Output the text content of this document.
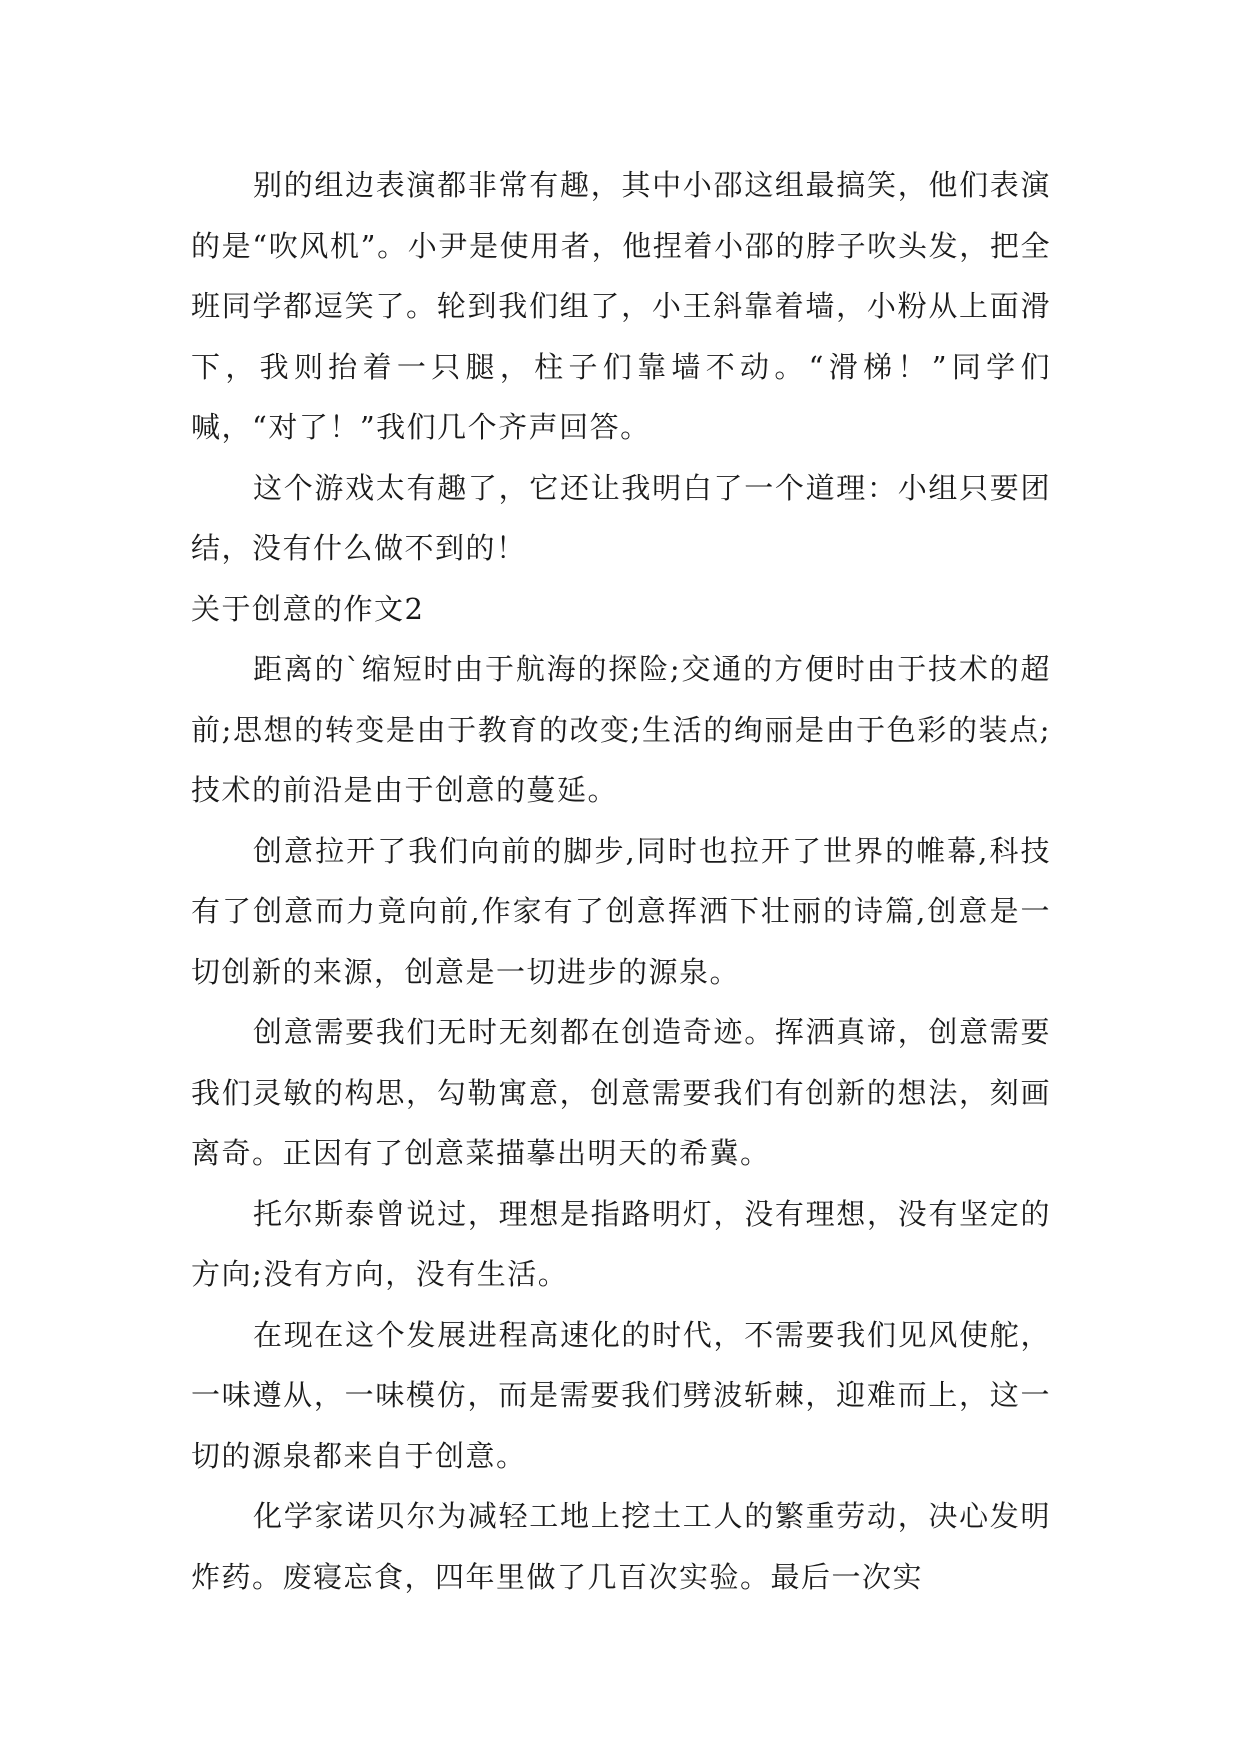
别的组边表演都非常有趣，其中小邵这组最搞笑，他们表演的是“吹风机”。小尹是使用者，他捏着小邵的脖子吹头发，把全班同学都逗笑了。轮到我们组了，小王斜靠着墙，小粉从上面滑下，我则抬着一只腿，柱子们靠墙不动。“滑梯！”同学们喊，“对了！”我们几个齐声回答。

这个游戏太有趣了，它还让我明白了一个道理：小组只要团结，没有什么做不到的！

关于创意的作文2

距离的`缩短时由于航海的探险;交通的方便时由于技术的超前;思想的转变是由于教育的改变;生活的绚丽是由于色彩的装点;技术的前沿是由于创意的蔓延。

创意拉开了我们向前的脚步,同时也拉开了世界的帷幕,科技有了创意而力竟向前,作家有了创意挥洒下壮丽的诗篇,创意是一切创新的来源，创意是一切进步的源泉。

创意需要我们无时无刻都在创造奇迹。挥洒真谛，创意需要我们灵敏的构思，勾勒寓意，创意需要我们有创新的想法，刻画离奇。正因有了创意菜描摹出明天的希冀。

托尔斯泰曾说过，理想是指路明灯，没有理想，没有坚定的方向;没有方向，没有生活。

在现在这个发展进程高速化的时代，不需要我们见风使舵，一味遵从，一味模仿，而是需要我们劈波斩棘，迎难而上，这一切的源泉都来自于创意。

化学家诺贝尔为减轻工地上挖土工人的繁重劳动，决心发明炸药。废寝忘食，四年里做了几百次实验。最后一次实
